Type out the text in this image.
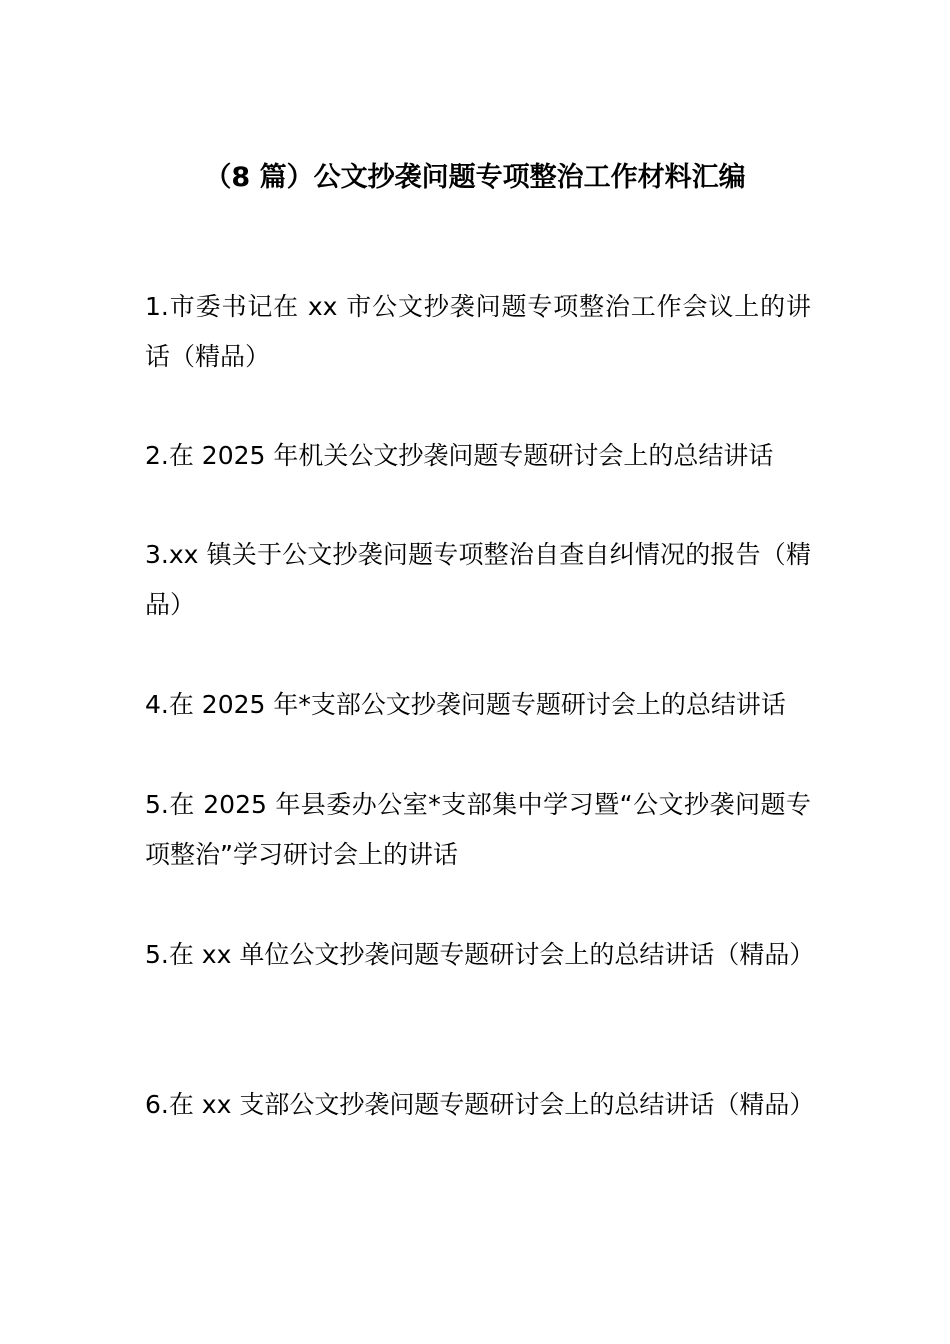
（8 篇）公文抄袭问题专项整治工作材料汇编
1.市委书记在 xx 市公文抄袭问题专项整治工作会议上的讲话（精品）
2.在 2025 年机关公文抄袭问题专题研讨会上的总结讲话
3.xx 镇关于公文抄袭问题专项整治自查自纠情况的报告（精品）
4.在 2025 年*支部公文抄袭问题专题研讨会上的总结讲话
5.在 2025 年县委办公室*支部集中学习暨“公文抄袭问题专项整治”学习研讨会上的讲话
5.在 xx 单位公文抄袭问题专题研讨会上的总结讲话（精品）
6.在 xx 支部公文抄袭问题专题研讨会上的总结讲话（精品）
